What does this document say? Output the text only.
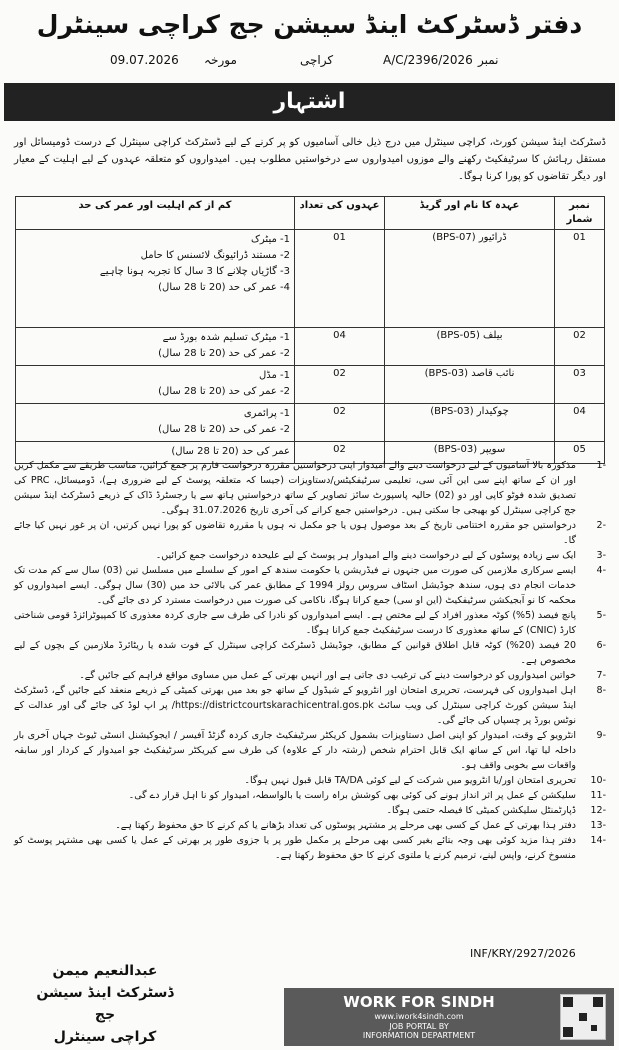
دفتر ڈسٹرکٹ اینڈ سیشن جج کراچی سینٹرل
09.07.2026 مورخہ	کراچی	A/C/2396/2026 نمبر
اشتہار
ڈسٹرکٹ اینڈ سیشن کورٹ، کراچی سینٹرل میں درج ذیل خالی آسامیوں کو پر کرنے کے لیے ڈسٹرکٹ کراچی سینٹرل کے درست ڈومیسائل اور مستقل رہائش کا سرٹیفکیٹ رکھنے والے موزوں امیدواروں سے درخواستیں مطلوب ہیں۔ امیدواروں کو متعلقہ عہدوں کے لیے اہلیت کے معیار اور دیگر تقاضوں کو پورا کرنا ہوگا۔
نمبر شمار	عہدہ کا نام اور گریڈ	عہدوں کی تعداد	کم از کم اہلیت اور عمر کی حد
01	ڈرائیور (BPS-07)	01	1- میٹرک
2- مستند ڈرائیونگ لائسنس کا حامل
3- گاڑیاں چلانے کا 3 سال کا تجربہ ہونا چاہیے
4- عمر کی حد (20 تا 28 سال)

02	بیلف (BPS-05)	04	1- میٹرک تسلیم شدہ بورڈ سے
2- عمر کی حد (20 تا 28 سال)

03	نائب قاصد (BPS-03)	02	1- مڈل
2- عمر کی حد (20 تا 28 سال)

04	چوکیدار (BPS-03)	02	1- پرائمری
2- عمر کی حد (20 تا 28 سال)

05	سویپر (BPS-03)	02	عمر کی حد (20 تا 28 سال)
-1
مذکورہ بالا آسامیوں کے لیے درخواست دینے والے امیدوار اپنی درخواستیں مقررہ درخواست فارم پر جمع کرائیں، مناسب طریقے سے مکمل کریں اور ان کے ساتھ اپنے سی این آئی سی، تعلیمی سرٹیفکیٹس/دستاویزات (جیسا کہ متعلقہ پوسٹ کے لیے ضروری ہے)، ڈومیسائل، PRC کی تصدیق شدہ فوٹو کاپی اور دو (02) حالیہ پاسپورٹ سائز تصاویر کے ساتھ درخواستیں ہاتھ سے یا رجسٹرڈ ڈاک کے ذریعے ڈسٹرکٹ اینڈ سیشن جج کراچی سینٹرل کو بھیجی جا سکتی ہیں۔ درخواستیں جمع کرانے کی آخری تاریخ 31.07.2026 ہوگی۔
-2
درخواستیں جو مقررہ اختتامی تاریخ کے بعد موصول ہوں یا جو مکمل نہ ہوں یا مقررہ تقاضوں کو پورا نہیں کرتیں، ان پر غور نہیں کیا جائے گا۔
-3
ایک سے زیادہ پوسٹوں کے لیے درخواست دینے والے امیدوار ہر پوسٹ کے لیے علیحدہ درخواست جمع کرائیں۔
-4
ایسے سرکاری ملازمین کی صورت میں جنہوں نے فیڈریشن یا حکومت سندھ کے امور کے سلسلے میں مسلسل تین (03) سال سے کم مدت تک خدمات انجام دی ہوں، سندھ جوڈیشل اسٹاف سروس رولز 1994 کے مطابق عمر کی بالائی حد میں (30) سال ہوگی۔ ایسے امیدواروں کو محکمہ کا نو آبجیکشن سرٹیفکیٹ (این او سی) جمع کرانا ہوگا، ناکامی کی صورت میں درخواست مسترد کر دی جائے گی۔
-5
پانچ فیصد (5%) کوٹہ معذور افراد کے لیے مختص ہے۔ ایسے امیدواروں کو نادرا کی طرف سے جاری کردہ معذوری کا کمپیوٹرائزڈ قومی شناختی کارڈ (CNIC) کے ساتھ معذوری کا درست سرٹیفکیٹ جمع کرانا ہوگا۔
-6
20 فیصد (20%) کوٹہ قابل اطلاق قوانین کے مطابق، جوڈیشل ڈسٹرکٹ کراچی سینٹرل کے فوت شدہ یا ریٹائرڈ ملازمین کے بچوں کے لیے مخصوص ہے۔
-7
خواتین امیدواروں کو درخواست دینے کی ترغیب دی جاتی ہے اور انہیں بھرتی کے عمل میں مساوی مواقع فراہم کیے جائیں گے۔
-8
اہل امیدواروں کی فہرست، تحریری امتحان اور انٹرویو کے شیڈول کے ساتھ جو بعد میں بھرتی کمیٹی کے ذریعے منعقد کیے جائیں گے، ڈسٹرکٹ اینڈ سیشن کورٹ کراچی سینٹرل کی ویب سائٹ https://districtcourtskarachicentral.gos.pk/ پر اپ لوڈ کی جائے گی اور عدالت کے نوٹس بورڈ پر چسپاں کی جائے گی۔
-9
انٹرویو کے وقت، امیدوار کو اپنی اصل دستاویزات بشمول کریکٹر سرٹیفکیٹ جاری کردہ گزٹڈ آفیسر / ایجوکیشنل انسٹی ٹیوٹ جہاں آخری بار داخلہ لیا تھا، اس کے ساتھ ایک قابل احترام شخص (رشتہ دار کے علاوہ) کی طرف سے کیریکٹر سرٹیفکیٹ جو امیدوار کے کردار اور سابقہ واقعات سے بخوبی واقف ہو۔
-10
تحریری امتحان اور/یا انٹرویو میں شرکت کے لیے کوئی TA/DA قابل قبول نہیں ہوگا۔
-11
سلیکشن کے عمل پر اثر انداز ہونے کی کوئی بھی کوشش براہ راست یا بالواسطہ، امیدوار کو نا اہل قرار دے گی۔
-12
ڈپارٹمنٹل سلیکشن کمیٹی کا فیصلہ حتمی ہوگا۔
-13
دفتر ہذا بھرتی کے عمل کے کسی بھی مرحلے پر مشتہر پوسٹوں کی تعداد بڑھانے یا کم کرنے کا حق محفوظ رکھتا ہے۔
-14
دفتر ہذا مزید کوئی بھی وجہ بتائے بغیر کسی بھی مرحلے پر مکمل طور پر یا جزوی طور پر بھرتی کے عمل یا کسی بھی مشتہر پوسٹ کو منسوخ کرنے، واپس لینے، ترمیم کرنے یا ملتوی کرنے کا حق محفوظ رکھتا ہے۔
عبدالنعیم میمن
ڈسٹرکٹ اینڈ سیشن جج
کراچی سینٹرل
INF/KRY/2927/2026
WORK FOR SINDH
www.iwork4sindh.com
JOB PORTAL BY
INFORMATION DEPARTMENT
